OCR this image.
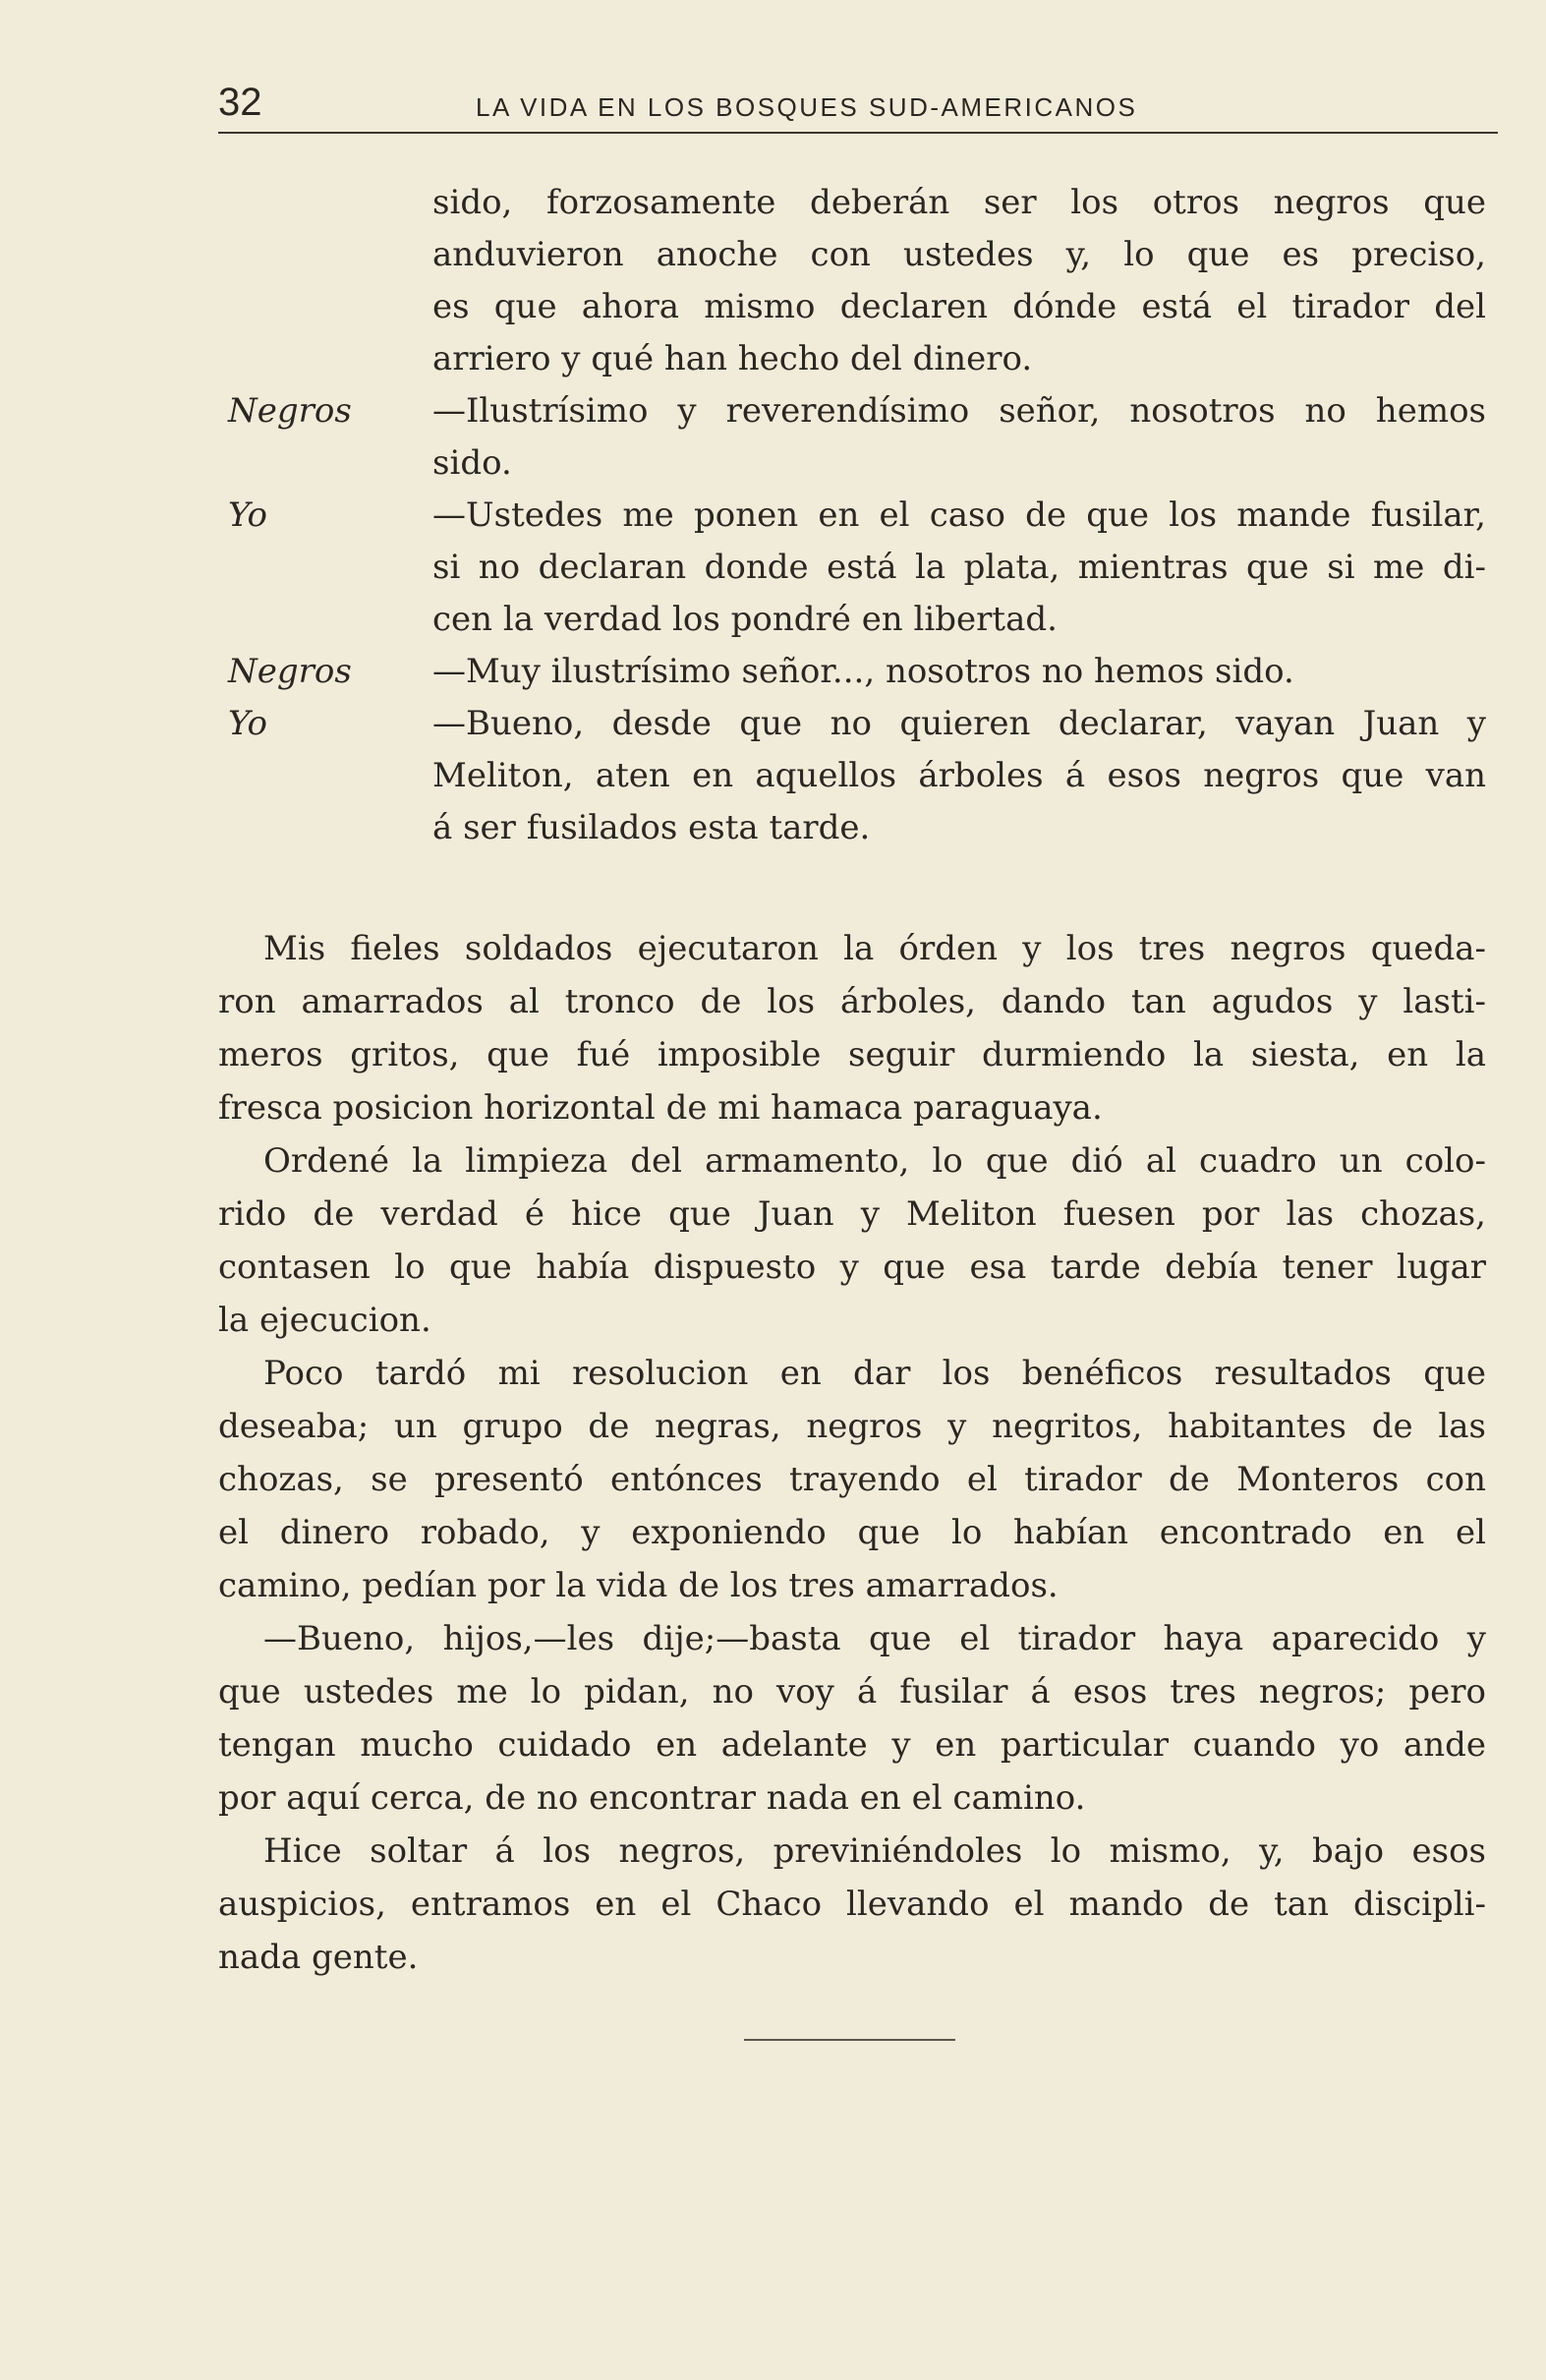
32	LA VIDA EN LOS BOSQUES SUD-AMERICANOS
sido, forzosamente deberán ser los otros negros que
anduvieron anoche con ustedes y, lo que es preciso,
es que ahora mismo declaren dónde está el tirador del
arriero y qué han hecho del dinero.
Negros —Ilustrísimo y reverendísimo señor, nosotros no hemos
sido.
Yo	—Ustedes me ponen en el caso de que los mande fusilar,
si no declaran donde está la plata, mientras que si me di-
cen la verdad los pondré en libertad.
Negros —Muy ilustrísimo señor..., nosotros no hemos sido.
Yo	—Bueno, desde que no quieren declarar, vayan Juan y
Meliton, aten en aquellos árboles á esos negros que van
á ser fusilados esta tarde.

Mis fieles soldados ejecutaron la órden y los tres negros queda-
ron amarrados al tronco de los árboles, dando tan agudos y lasti-
meros gritos, que fué imposible seguir durmiendo la siesta, en la
fresca posicion horizontal de mi hamaca paraguaya.

Ordené la limpieza del armamento, lo que dió al cuadro un colo-
rido de verdad é hice que Juan y Meliton fuesen por las chozas,
contasen lo que había dispuesto y que esa tarde debía tener lugar
la ejecucion.

Poco tardó mi resolucion en dar los benéficos resultados que
deseaba; un grupo de negras, negros y negritos, habitantes de las
chozas, se presentó entónces trayendo el tirador de Monteros con
el dinero robado, y exponiendo que lo habían encontrado en el
camino, pedían por la vida de los tres amarrados.

—Bueno, hijos,—les dije;—basta que el tirador haya aparecido y
que ustedes me lo pidan, no voy á fusilar á esos tres negros; pero
tengan mucho cuidado en adelante y en particular cuando yo ande
por aquí cerca, de no encontrar nada en el camino.

Hice soltar á los negros, previniéndoles lo mismo, y, bajo esos
auspicios, entramos en el Chaco llevando el mando de tan discipli-
nada gente.
